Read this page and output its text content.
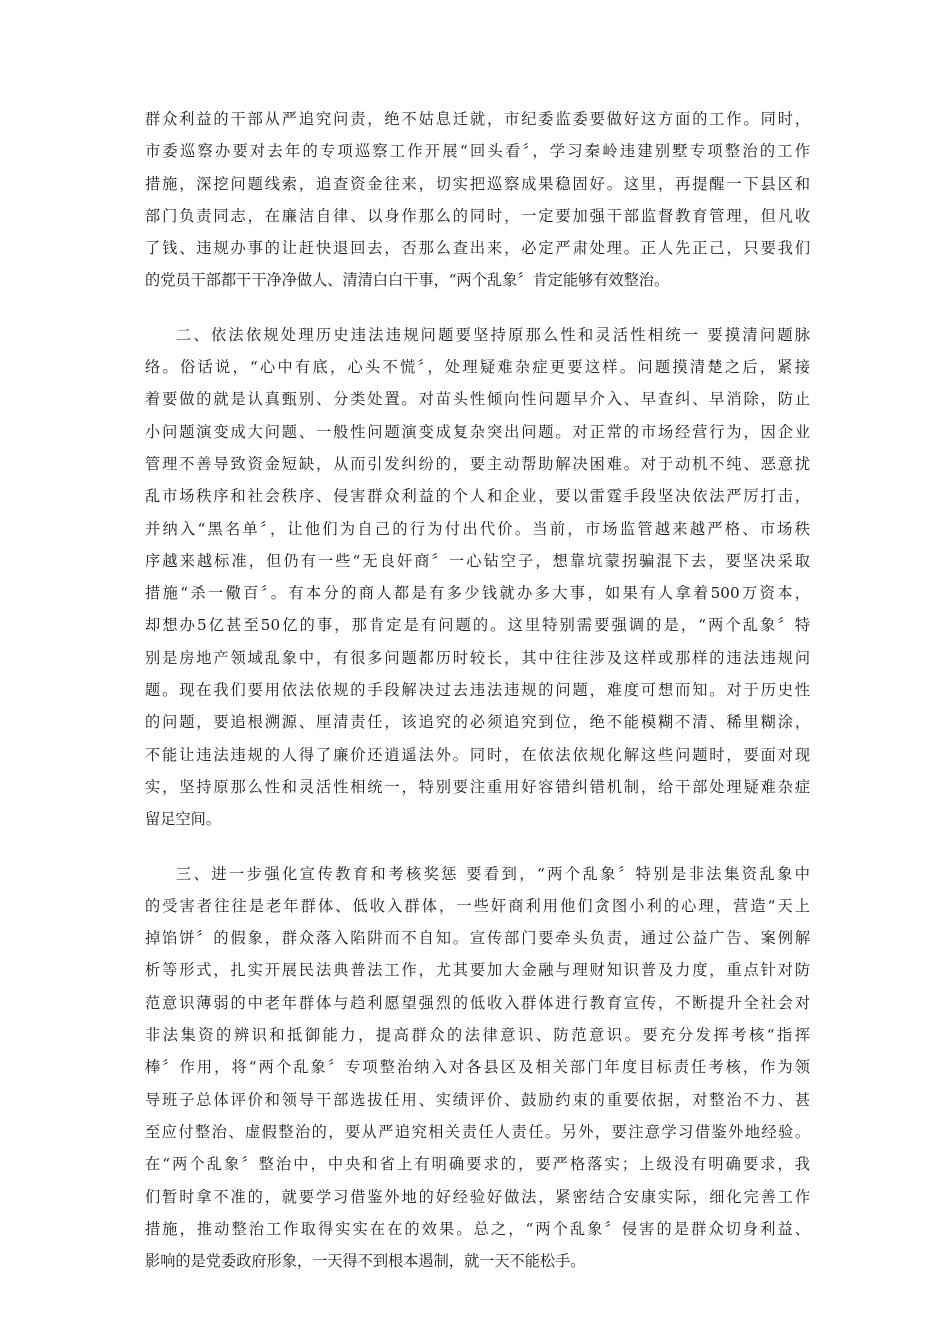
群众利益的干部从严追究问责，绝不姑息迁就，市纪委监委要做好这方面的工作。同时，
市委巡察办要对去年的专项巡察工作开展“回头看〞，学习秦岭违建别墅专项整治的工作
措施，深挖问题线索，追查资金往来，切实把巡察成果稳固好。这里，再提醒一下县区和
部门负责同志，在廉洁自律、以身作那么的同时，一定要加强干部监督教育管理，但凡收
了钱、违规办事的让赶快退回去，否那么查出来，必定严肃处理。正人先正己，只要我们
的党员干部都干干净净做人、清清白白干事，“两个乱象〞肯定能够有效整治。
二、依法依规处理历史违法违规问题要坚持原那么性和灵活性相统一 要摸清问题脉
络。俗话说，“心中有底，心头不慌〞，处理疑难杂症更要这样。问题摸清楚之后，紧接
着要做的就是认真甄别、分类处置。对苗头性倾向性问题早介入、早查纠、早消除，防止
小问题演变成大问题、一般性问题演变成复杂突出问题。对正常的市场经营行为，因企业
管理不善导致资金短缺，从而引发纠纷的，要主动帮助解决困难。对于动机不纯、恶意扰
乱市场秩序和社会秩序、侵害群众利益的个人和企业，要以雷霆手段坚决依法严厉打击，
并纳入“黑名单〞，让他们为自己的行为付出代价。当前，市场监管越来越严格、市场秩
序越来越标准，但仍有一些“无良奸商〞一心钻空子，想靠坑蒙拐骗混下去，要坚决采取
措施“杀一儆百〞。有本分的商人都是有多少钱就办多大事，如果有人拿着500万资本，
却想办5亿甚至50亿的事，那肯定是有问题的。这里特别需要强调的是，“两个乱象〞特
别是房地产领域乱象中，有很多问题都历时较长，其中往往涉及这样或那样的违法违规问
题。现在我们要用依法依规的手段解决过去违法违规的问题，难度可想而知。对于历史性
的问题，要追根溯源、厘清责任，该追究的必须追究到位，绝不能模糊不清、稀里糊涂，
不能让违法违规的人得了廉价还逍遥法外。同时，在依法依规化解这些问题时，要面对现
实，坚持原那么性和灵活性相统一，特别要注重用好容错纠错机制，给干部处理疑难杂症
留足空间。
三、进一步强化宣传教育和考核奖惩 要看到，“两个乱象〞特别是非法集资乱象中
的受害者往往是老年群体、低收入群体，一些奸商利用他们贪图小利的心理，营造“天上
掉馅饼〞的假象，群众落入陷阱而不自知。宣传部门要牵头负责，通过公益广告、案例解
析等形式，扎实开展民法典普法工作，尤其要加大金融与理财知识普及力度，重点针对防
范意识薄弱的中老年群体与趋利愿望强烈的低收入群体进行教育宣传，不断提升全社会对
非法集资的辨识和抵御能力，提高群众的法律意识、防范意识。要充分发挥考核“指挥
棒〞作用，将“两个乱象〞专项整治纳入对各县区及相关部门年度目标责任考核，作为领
导班子总体评价和领导干部选拔任用、实绩评价、鼓励约束的重要依据，对整治不力、甚
至应付整治、虚假整治的，要从严追究相关责任人责任。另外，要注意学习借鉴外地经验。
在“两个乱象〞整治中，中央和省上有明确要求的，要严格落实；上级没有明确要求，我
们暂时拿不准的，就要学习借鉴外地的好经验好做法，紧密结合安康实际，细化完善工作
措施，推动整治工作取得实实在在的效果。总之，“两个乱象〞侵害的是群众切身利益、
影响的是党委政府形象，一天得不到根本遏制，就一天不能松手。
